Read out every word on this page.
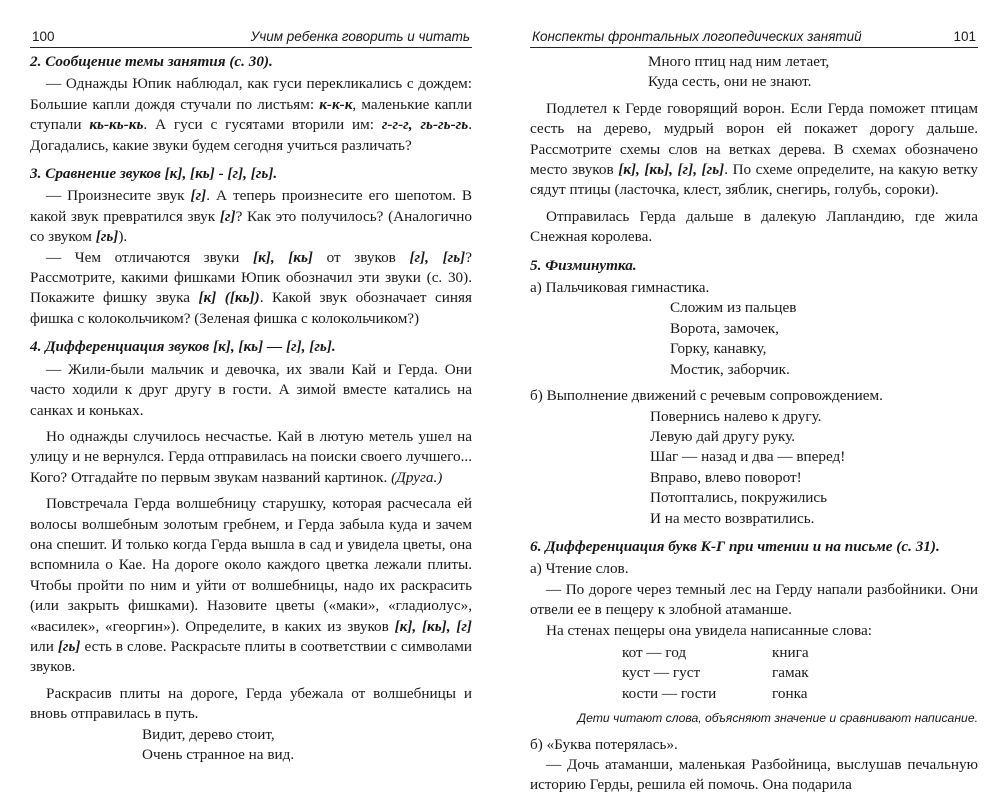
100	Учим ребенка говорить и читать
2. Сообщение темы занятия (с. 30).

— Однажды Юпик наблюдал, как гуси перекликались с дождем: Большие капли дождя стучали по листьям: к-к-к, маленькие капли ступали кь-кь-кь. А гуси с гусятами вторили им: г-г-г, гь-гь-гь. Догадались, какие звуки будем сегодня учиться различать?

3. Сравнение звуков [к], [кь] - [г], [гь].

— Произнесите звук [г]. А теперь произнесите его шепотом. В какой звук превратился звук [г]? Как это получилось? (Аналогично со звуком [гь]).

— Чем отличаются звуки [к], [кь] от звуков [г], [гь]? Рассмотрите, какими фишками Юпик обозначил эти звуки (с. 30). Покажите фишку звука [к] ([кь]). Какой звук обозначает синяя фишка с колокольчиком? (Зеленая фишка с колокольчиком?)

4. Дифференциация звуков [к], [кь] — [г], [гь].

— Жили-были мальчик и девочка, их звали Кай и Герда. Они часто ходили к друг другу в гости. А зимой вместе катались на санках и коньках.

Но однажды случилось несчастье. Кай в лютую метель ушел на улицу и не вернулся. Герда отправилась на поиски своего лучшего... Кого? Отгадайте по первым звукам названий картинок. (Друга.)

Повстречала Герда волшебницу старушку, которая расчесала ей волосы волшебным золотым гребнем, и Герда забыла куда и зачем она спешит. И только когда Герда вышла в сад и увидела цветы, она вспомнила о Кае. На дороге около каждого цветка лежали плиты. Чтобы пройти по ним и уйти от волшебницы, надо их раскрасить (или закрыть фишками). Назовите цветы («маки», «гладиолус», «василек», «георгин»). Определите, в каких из звуков [к], [кь], [г] или [гь] есть в слове. Раскрасьте плиты в соответствии с символами звуков.

Раскрасив плиты на дороге, Герда убежала от волшебницы и вновь отправилась в путь.

Видит, дерево стоит,
Очень странное на вид.
Конспекты фронтальных логопедических занятий	101
Много птиц над ним летает,
Куда сесть, они не знают.

Подлетел к Герде говорящий ворон. Если Герда поможет птицам сесть на дерево, мудрый ворон ей покажет дорогу дальше. Рассмотрите схемы слов на ветках дерева. В схемах обозначено место звуков [к], [кь], [г], [гь]. По схеме определите, на какую ветку сядут птицы (ласточка, клест, зяблик, снегирь, голубь, сороки).

Отправилась Герда дальше в далекую Лапландию, где жила Снежная королева.

5. Физминутка.

а) Пальчиковая гимнастика.

Сложим из пальцев
Ворота, замочек,
Горку, канавку,
Мостик, заборчик.

б) Выполнение движений с речевым сопровождением.

Повернись налево к другу.
Левую дай другу руку.
Шаг — назад и два — вперед!
Вправо, влево поворот!
Потоптались, покружились
И на место возвратились.
6. Дифференциация букв К-Г при чтении и на письме (с. 31).

а) Чтение слов.

— По дороге через темный лес на Герду напали разбойники. Они отвели ее в пещеру к злобной атаманше.

На стенах пещеры она увидела написанные слова:

кот — год	книга
куст — густ	гамак
кости — гости	гонка

Дети читают слова, объясняют значение и сравнивают написание.

б) «Буква потерялась».

— Дочь атаманши, маленькая Разбойница, выслушав печальную историю Герды, решила ей помочь. Она подарила
